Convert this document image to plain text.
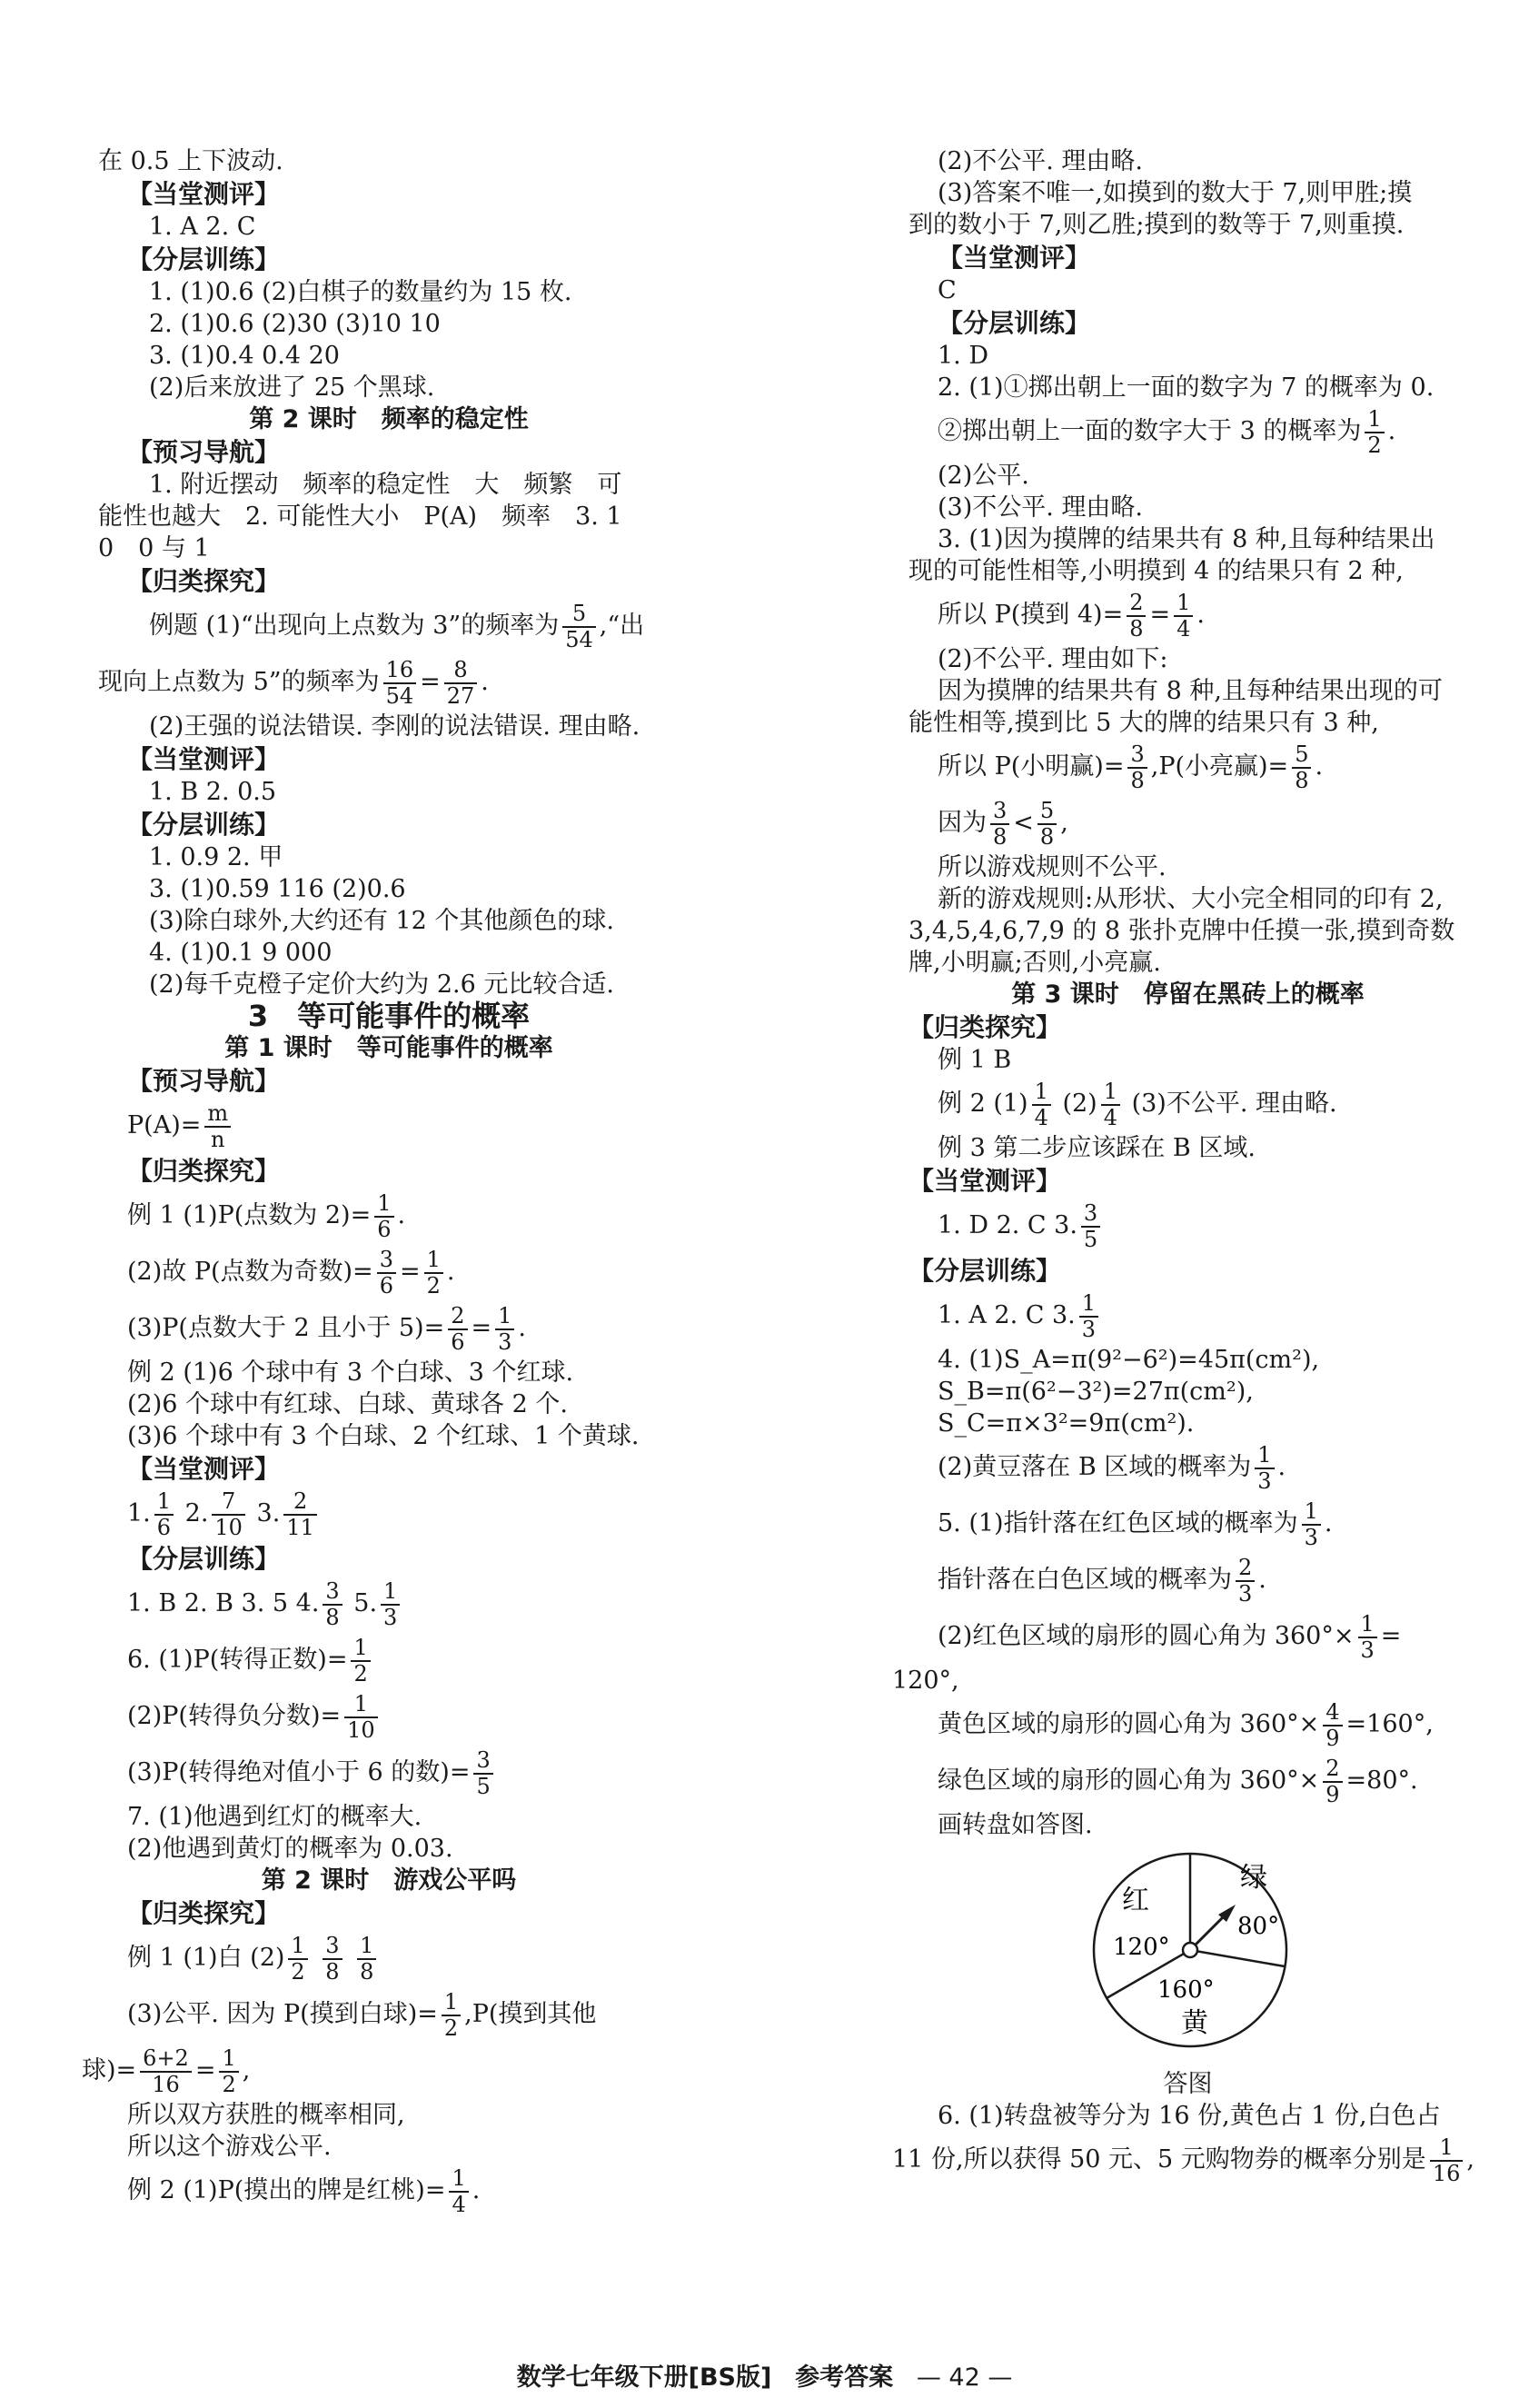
在 0.5 上下波动.
【当堂测评】
1. A 2. C
【分层训练】
1. (1)0.6 (2)白棋子的数量约为 15 枚.
2. (1)0.6 (2)30 (3)10 10
3. (1)0.4 0.4 20
(2)后来放进了 25 个黑球.
第 2 课时　频率的稳定性
【预习导航】
1. 附近摆动　频率的稳定性　大　频繁　可
能性也越大　2. 可能性大小　P(A)　频率　3. 1
0　0 与 1
【归类探究】
例题 (1)“出现向上点数为 3”的频率为 $\frac{5}{54}$ ,“出
现向上点数为 5”的频率为 $\frac{16}{54} = \frac{8}{27}$ .
(2)王强的说法错误. 李刚的说法错误. 理由略.
【当堂测评】
1. B 2. 0.5
【分层训练】
1. 0.9 2. 甲
3. (1)0.59 116 (2)0.6
(3)除白球外,大约还有 12 个其他颜色的球.
4. (1)0.1 9 000
(2)每千克橙子定价大约为 2.6 元比较合适.
3　等可能事件的概率
第 1 课时　等可能事件的概率
【预习导航】
$P(A)= \frac{m}{n}$
【归类探究】
例 1 (1)P(点数为 $2)= \frac{1}{6}$ .
(2)故 P(点数为奇数)= $\frac{3}{6} = \frac{1}{2}$ .
(3)P(点数大于 2 且小于 $5)= \frac{2}{6} = \frac{1}{3}$ .
例 2 (1)6 个球中有 3 个白球、3 个红球.
(2)6 个球中有红球、白球、黄球各 2 个.
(3)6 个球中有 3 个白球、2 个红球、1 个黄球.
【当堂测评】
1. $\frac{1}{6} 2$. $\frac{7}{10} 3$. $\frac{2}{11}$
【分层训练】
1. B 2. B 3. 5 4. $\frac{3}{8} 5$. $\frac{1}{3}$
6. (1)P(转得正数)= $\frac{1}{2}$
(2)P(转得负分数)= $\frac{1}{10}$
(3)P(转得绝对值小于 6 的数)= $\frac{3}{5}$
7. (1)他遇到红灯的概率大.
(2)他遇到黄灯的概率为 0.03.
第 2 课时　游戏公平吗
【归类探究】
例 1 (1)白 $(2) \frac{1}{2}$
$\frac{3}{8}$
$\frac{1}{8}$
(3)公平. 因为 P(摸到白球)= $\frac{1}{2} ,P$(摸到其他
球)= $\frac{6+2}{16} = \frac{1}{2}$ ,
所以双方获胜的概率相同,
所以这个游戏公平.
例 2 (1)P(摸出的牌是红桃)= $\frac{1}{4}$ .
(2)不公平. 理由略.
(3)答案不唯一,如摸到的数大于 7,则甲胜;摸
到的数小于 7,则乙胜;摸到的数等于 7,则重摸.
【当堂测评】
C
【分层训练】
1. D
2. (1)①掷出朝上一面的数字为 7 的概率为 0.
②掷出朝上一面的数字大于 3 的概率为 $\frac{1}{2}$ .
(2)公平.
(3)不公平. 理由略.
3. (1)因为摸牌的结果共有 8 种,且每种结果出
现的可能性相等,小明摸到 4 的结果只有 2 种,
所以 P(摸到 $4)= \frac{2}{8} = \frac{1}{4}$ .
(2)不公平. 理由如下:
因为摸牌的结果共有 8 种,且每种结果出现的可
能性相等,摸到比 5 大的牌的结果只有 3 种,
所以 P(小明赢)= $\frac{3}{8} ,P$(小亮赢)= $\frac{5}{8}$ .
因为 $\frac{3}{8} < \frac{5}{8}$ ,
所以游戏规则不公平.
新的游戏规则:从形状、大小完全相同的印有 2,
3,4,5,4,6,7,9 的 8 张扑克牌中任摸一张,摸到奇数
牌,小明赢;否则,小亮赢.
第 3 课时　停留在黑砖上的概率
【归类探究】
例 1 B
例 2 $(1) \frac{1}{4} (2) \frac{1}{4} (3)$不公平. 理由略.
例 3 第二步应该踩在 B 区域.
【当堂测评】
1. D 2. C 3. $\frac{3}{5}$
【分层训练】
1. A 2. C 3. $\frac{1}{3}$
4. (1)S_A=π(9²−6²)=45π(cm²),
S_B=π(6²−3²)=27π(cm²),
S_C=π×3²=9π(cm²).
(2)黄豆落在 B 区域的概率为 $\frac{1}{3}$ .
5. (1)指针落在红色区域的概率为 $\frac{1}{3}$ .
指针落在白色区域的概率为 $\frac{2}{3}$ .
(2)红色区域的扇形的圆心角为 $360^\circ\times \frac{1}{3}$ =
120°,
黄色区域的扇形的圆心角为 $360^\circ\times \frac{4}{9} =160^\circ$,
绿色区域的扇形的圆心角为 $360^\circ\times \frac{2}{9} =80^\circ$.
画转盘如答图.
红
绿
黄
120°
80°
160°
答图
6. (1)转盘被等分为 16 份,黄色占 1 份,白色占
11 份,所以获得 50 元、5 元购物券的概率分别是 $\frac{1}{16}$ ,
数学七年级下册[BS版] 参考答案 — 42 —
